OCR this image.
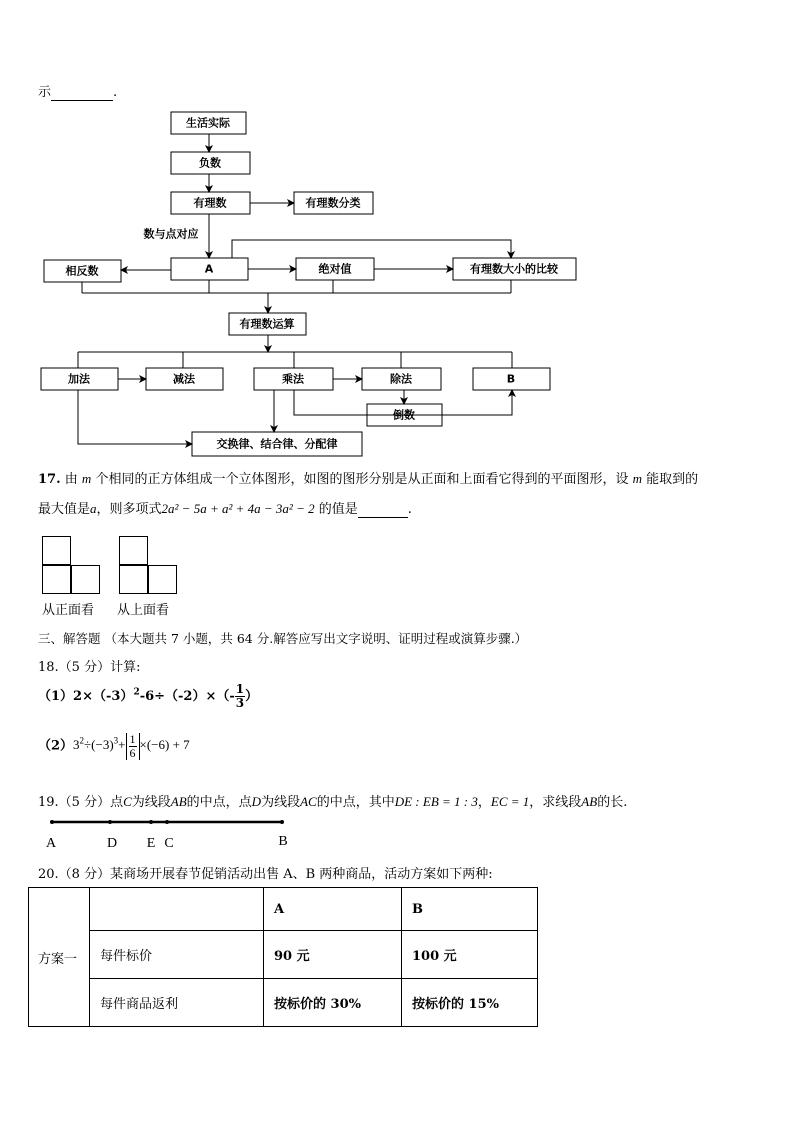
示	.
生活实际
负数
有理数	有理数分类
A
相反数	绝对值	有理数大小的比较
有理数运算
加法	减法	乘法	除法	B
倒数
交换律、结合律、分配律
数与点对应
17. 由 m 个相同的正方体组成一个立体图形，如图的图形分别是从正面和上面看它得到的平面图形，设 m 能取到的
最大值是a，则多项式2a² − 5a + a² + 4a − 3a² − 2 的值是	.
从正面看 从上面看
三、解答题 （本大题共 7 小题，共 64 分.解答应写出文字说明、证明过程或演算步骤.）
18.（5 分）计算:
$(1)2\times(-3)^2-6\div(-2)\times(- \frac{1}{3}$ ）
$(2)3^2\div(-3)^3+ \frac{1}{6} \times(-6) + 7$
19.（5 分）点C为线段AB的中点，点D为线段AC的中点，其中DE : EB = 1 : 3，EC = 1，求线段AB的长.
A	D E C	B
20.（8 分）某商场开展春节促销活动出售 A、B 两种商品，活动方案如下两种:
方案一		A	B
	每件标价	90 元	100 元
	每件商品返利	按标价的 30%	按标价的 15%
